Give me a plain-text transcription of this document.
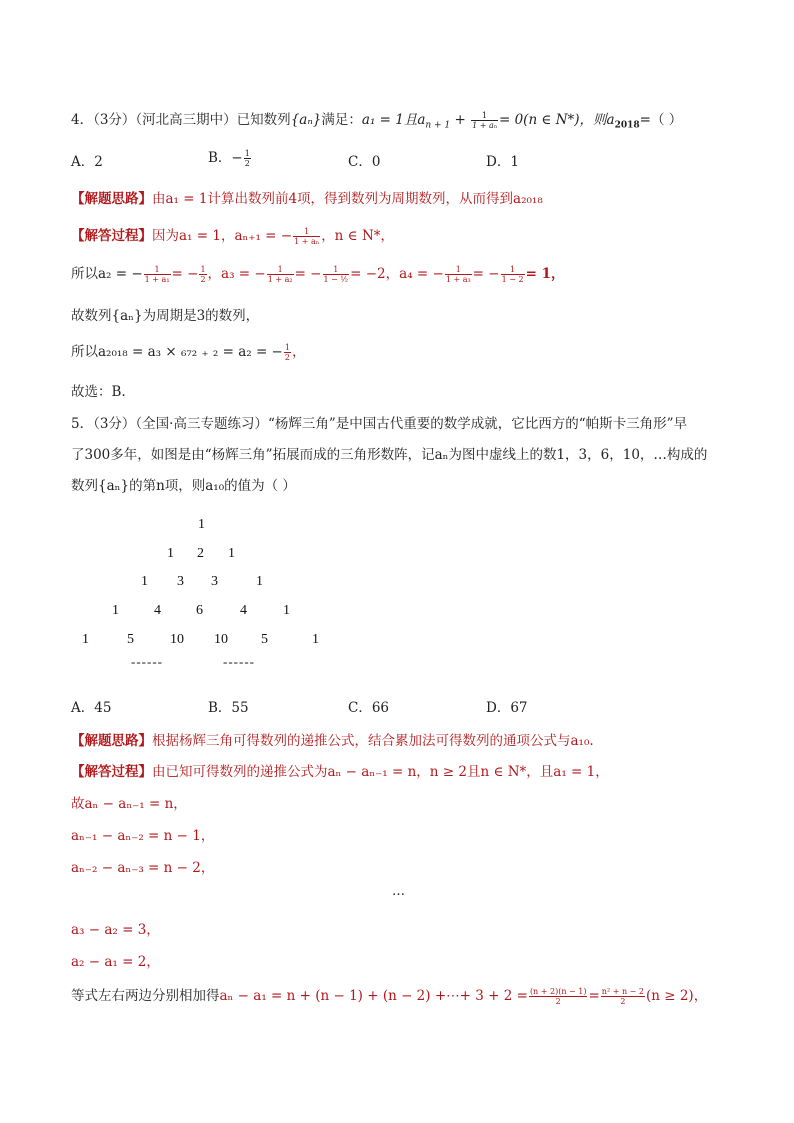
4．（3分）（河北高三期中）已知数列{aₙ}满足：a₁ = 1且$a_{n + 1} + \frac{1}{\text{1 + aₙ}} = 0(n$ ∈ N*)，则$a_{2018}=$（ ）
A．2	B．− $\frac{1}{2}$	C．0	D．1
【解题思路】由a₁ = 1计算出数列前4项，得到数列为周期数列，从而得到a₂₀₁₈
【解答过程】因为a₁ = 1，aₙ₊₁ = − $\frac{1}{\text{1 + aₙ}}$ ，n ∈ N*，
所以a₂ = − $\frac{1}{\text{1 + a₁}}$ = − $\frac{1}{2}$ ，a₃ = − $\frac{1}{\text{1 + a₂}}$ = − $\frac{1}{\text{1 − ½}} = -2$，a₄ = − $\frac{1}{\text{1 + a₃}}$ = − $\frac{1}{1 - 2} = 1$，
故数列{aₙ}为周期是3的数列，
所以a₂₀₁₈ = a₃ × ₆₇₂ ₊ ₂ = a₂ = − $\frac{1}{2}$ ，
故选：B.
5．（3分）（全国·高三专题练习）“杨辉三角”是中国古代重要的数学成就，它比西方的“帕斯卡三角形”早
了300多年，如图是由“杨辉三角”拓展而成的三角形数阵，记aₙ为图中虚线上的数1，3，6，10，…构成的
数列{aₙ}的第n项，则a₁₀的值为（ ）
1
1 2 1
1 3 3	1
1	4	6	4	1
1	5	10 10 5	1
------	------
A．45	B．55	C．66	D．67
【解题思路】根据杨辉三角可得数列的递推公式，结合累加法可得数列的通项公式与a₁₀.
【解答过程】由已知可得数列的递推公式为aₙ − aₙ₋₁ = n，n ≥ 2且n ∈ N*，且a₁ = 1，
故aₙ − aₙ₋₁ = n，
aₙ₋₁ − aₙ₋₂ = n − 1，
aₙ₋₂ − aₙ₋₃ = n − 2，
…
a₃ − a₂ = 3，
a₂ − a₁ = 2，
等式左右两边分别相加得aₙ − a₁ = n + (n − 1) + (n − 2) +⋯+ $3 + 2 = \frac{(n + 2)(n - 1)}{2} = \frac{\text{n² + n − 2}}{2} (n \ge 2)$，
